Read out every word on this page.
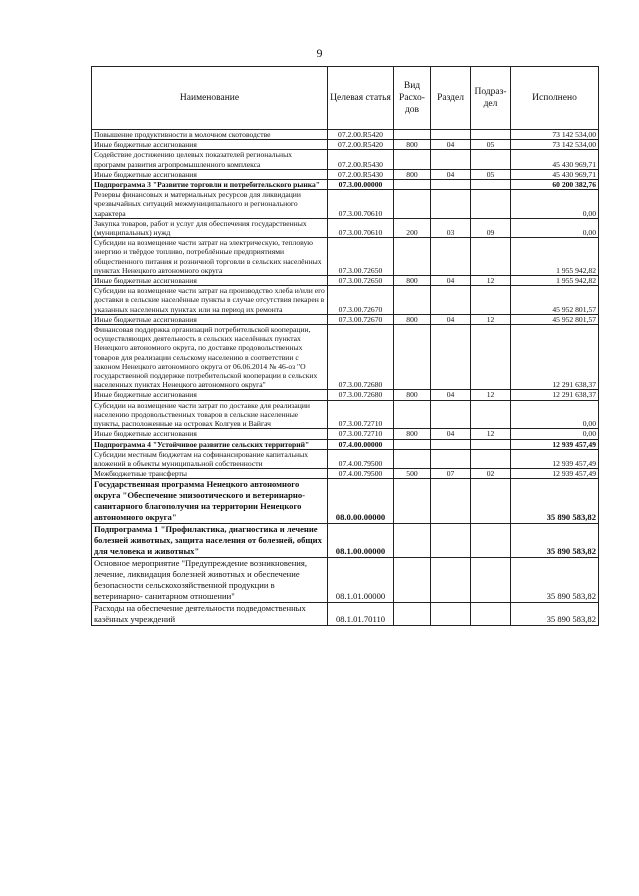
9
Наименование	Целевая статья	Вид Расхо- дов	Раздел	Подраз- дел	Исполнено
Повышение продуктивности в молочном скотоводстве	07.2.00.R5420				73 142 534,00
Иные бюджетные ассигнования	07.2.00.R5420	800	04	05	73 142 534,00
Содействие достижению целевых показателей региональных программ развития агропромышленного комплекса	07.2.00.R5430				45 430 969,71
Иные бюджетные ассигнования	07.2.00.R5430	800	04	05	45 430 969,71
Подпрограмма 3 "Развитие торговли и потребительского рынка"	07.3.00.00000				60 200 382,76
Резервы финансовых и материальных ресурсов для ликвидации чрезвычайных ситуаций межмуниципального и регионального характера	07.3.00.70610				0,00
Закупка товаров, работ и услуг для обеспечения государственных (муниципальных) нужд	07.3.00.70610	200	03	09	0,00
Субсидии на возмещение части затрат на электрическую, тепловую энергию и твёрдое топливо, потреблённые предприятиями общественного питания и розничной торговли в сельских населённых пунктах Ненецкого автономного округа	07.3.00.72650				1 955 942,82
Иные бюджетные ассигнования	07.3.00.72650	800	04	12	1 955 942,82
Субсидии на возмещение части затрат на производство хлеба и/или его доставки в сельские населённые пункты в случае отсутствия пекарен в указанных населенных пунктах или на период их ремонта	07.3.00.72670				45 952 801,57
Иные бюджетные ассигнования	07.3.00.72670	800	04	12	45 952 801,57
Финансовая поддержка организаций потребительской кооперации, осуществляющих деятельность в сельских населённых пунктах Ненецкого автономного округа, по доставке продовольственных товаров для реализации сельскому населению в соответствии с законом Ненецкого автономного округа от 06.06.2014 № 46-оз "О государственной поддержке потребительской кооперации в сельских населенных пунктах Ненецкого автономного округа"	07.3.00.72680				12 291 638,37
Иные бюджетные ассигнования	07.3.00.72680	800	04	12	12 291 638,37
Субсидии на возмещение части затрат по доставке для реализации населению продовольственных товаров в сельские населенные пункты, расположенные на островах Колгуев и Вайгач	07.3.00.72710				0,00
Иные бюджетные ассигнования	07.3.00.72710	800	04	12	0,00
Подпрограмма 4 "Устойчивое развитие сельских территорий"	07.4.00.00000				12 939 457,49
Субсидии местным бюджетам на софинансирование капитальных вложений в объекты муниципальной собственности	07.4.00.79500				12 939 457,49
Межбюджетные трансферты	07.4.00.79500	500	07	02	12 939 457,49
Государственная программа Ненецкого автономного округа "Обеспечение эпизоотического и ветеринарно-санитарного благополучия на территории Ненецкого автономного округа"	08.0.00.00000				35 890 583,82
Подпрограмма 1 "Профилактика, диагностика и лечение болезней животных, защита населения от болезней, общих для человека и животных"	08.1.00.00000				35 890 583,82
Основное мероприятие "Предупреждение возникновения, лечение, ликвидация болезней животных и обеспечение безопасности сельскохозяйственной продукции в ветеринарно- санитарном отношении"	08.1.01.00000				35 890 583,82
Расходы на обеспечение деятельности подведомственных казённых учреждений	08.1.01.70110				35 890 583,82
